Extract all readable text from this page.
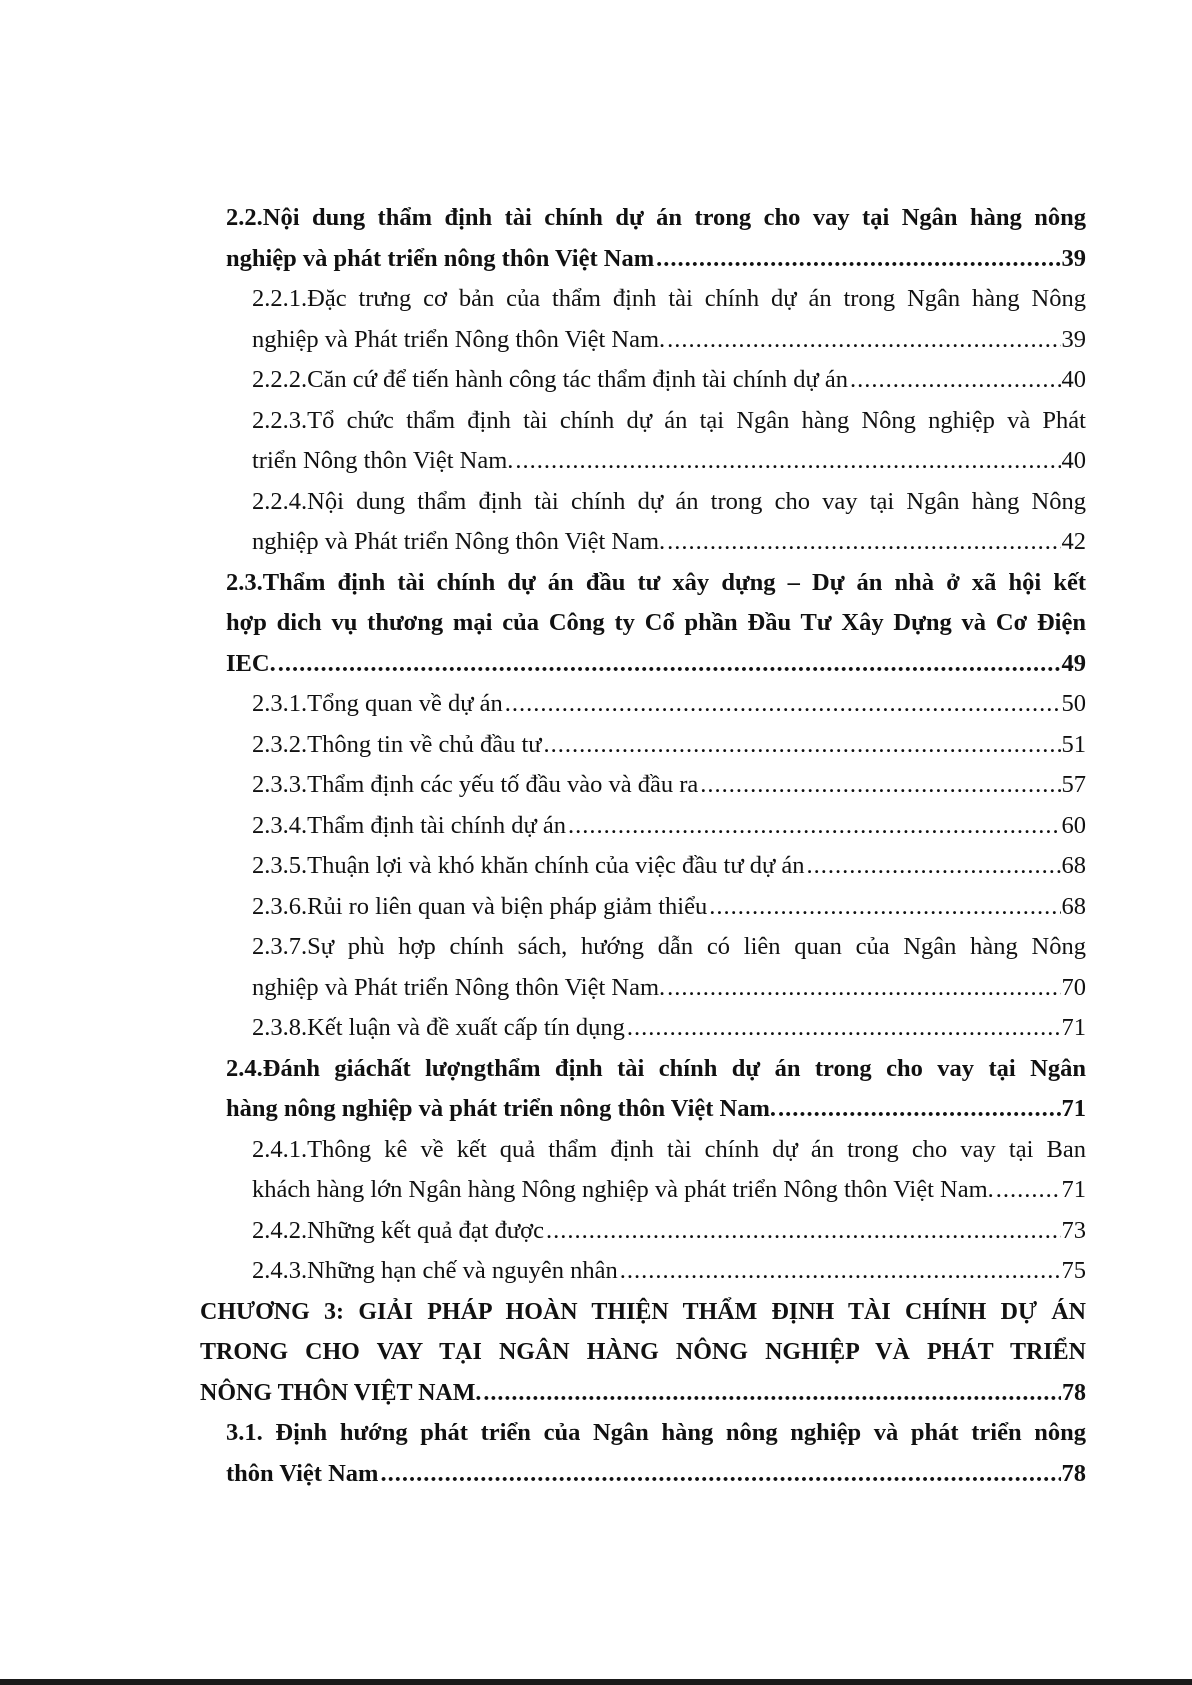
2.2.Nội dung thẩm định tài chính dự án trong cho vay tại Ngân hàng nông
nghiệp và phát triển nông thôn Việt Nam .....	39
2.2.1.Đặc trưng cơ bản của thẩm định tài chính dự án trong Ngân hàng Nông
nghiệp và Phát triển Nông thôn Việt Nam. .....	39
2.2.2.Căn cứ để tiến hành công tác thẩm định tài chính dự án .....	40
2.2.3.Tổ chức thẩm định tài chính dự án tại Ngân hàng Nông nghiệp và Phát
triển Nông thôn Việt Nam. .....	40
2.2.4.Nội dung thẩm định tài chính dự án trong cho vay tại Ngân hàng Nông
nghiệp và Phát triển Nông thôn Việt Nam. .....	42
2.3.Thẩm định tài chính dự án đầu tư xây dựng – Dự án nhà ở xã hội kết
hợp dich vụ thương mại của Công ty Cổ phần Đầu Tư Xây Dựng và Cơ Điện
IEC. .....	49
2.3.1.Tổng quan về dự án .....	50
2.3.2.Thông tin về chủ đầu tư .....	51
2.3.3.Thẩm định các yếu tố đầu vào và đầu ra .....	57
2.3.4.Thẩm định tài chính dự án .....	60
2.3.5.Thuận lợi và khó khăn chính của việc đầu tư dự án .....	68
2.3.6.Rủi ro liên quan và biện pháp giảm thiểu .....	68
2.3.7.Sự phù hợp chính sách, hướng dẫn có liên quan của Ngân hàng Nông
nghiệp và Phát triển Nông thôn Việt Nam. .....	70
2.3.8.Kết luận và đề xuất cấp tín dụng .....	71
2.4.Đánh giáchất lượngthẩm định tài chính dự án trong cho vay tại Ngân
hàng nông nghiệp và phát triển nông thôn Việt Nam. .....	71
2.4.1.Thông kê về kết quả thẩm định tài chính dự án trong cho vay tại Ban
khách hàng lớn Ngân hàng Nông nghiệp và phát triển Nông thôn Việt Nam. .....	71
2.4.2.Những kết quả đạt được .....	73
2.4.3.Những hạn chế và nguyên nhân .....	75
CHƯƠNG 3: GIẢI PHÁP HOÀN THIỆN THẨM ĐỊNH TÀI CHÍNH DỰ ÁN
TRONG CHO VAY TẠI NGÂN HÀNG NÔNG NGHIỆP VÀ PHÁT TRIỂN
NÔNG THÔN VIỆT NAM. .....	78
3.1. Định hướng phát triển của Ngân hàng nông nghiệp và phát triển nông
thôn Việt Nam .....	78
